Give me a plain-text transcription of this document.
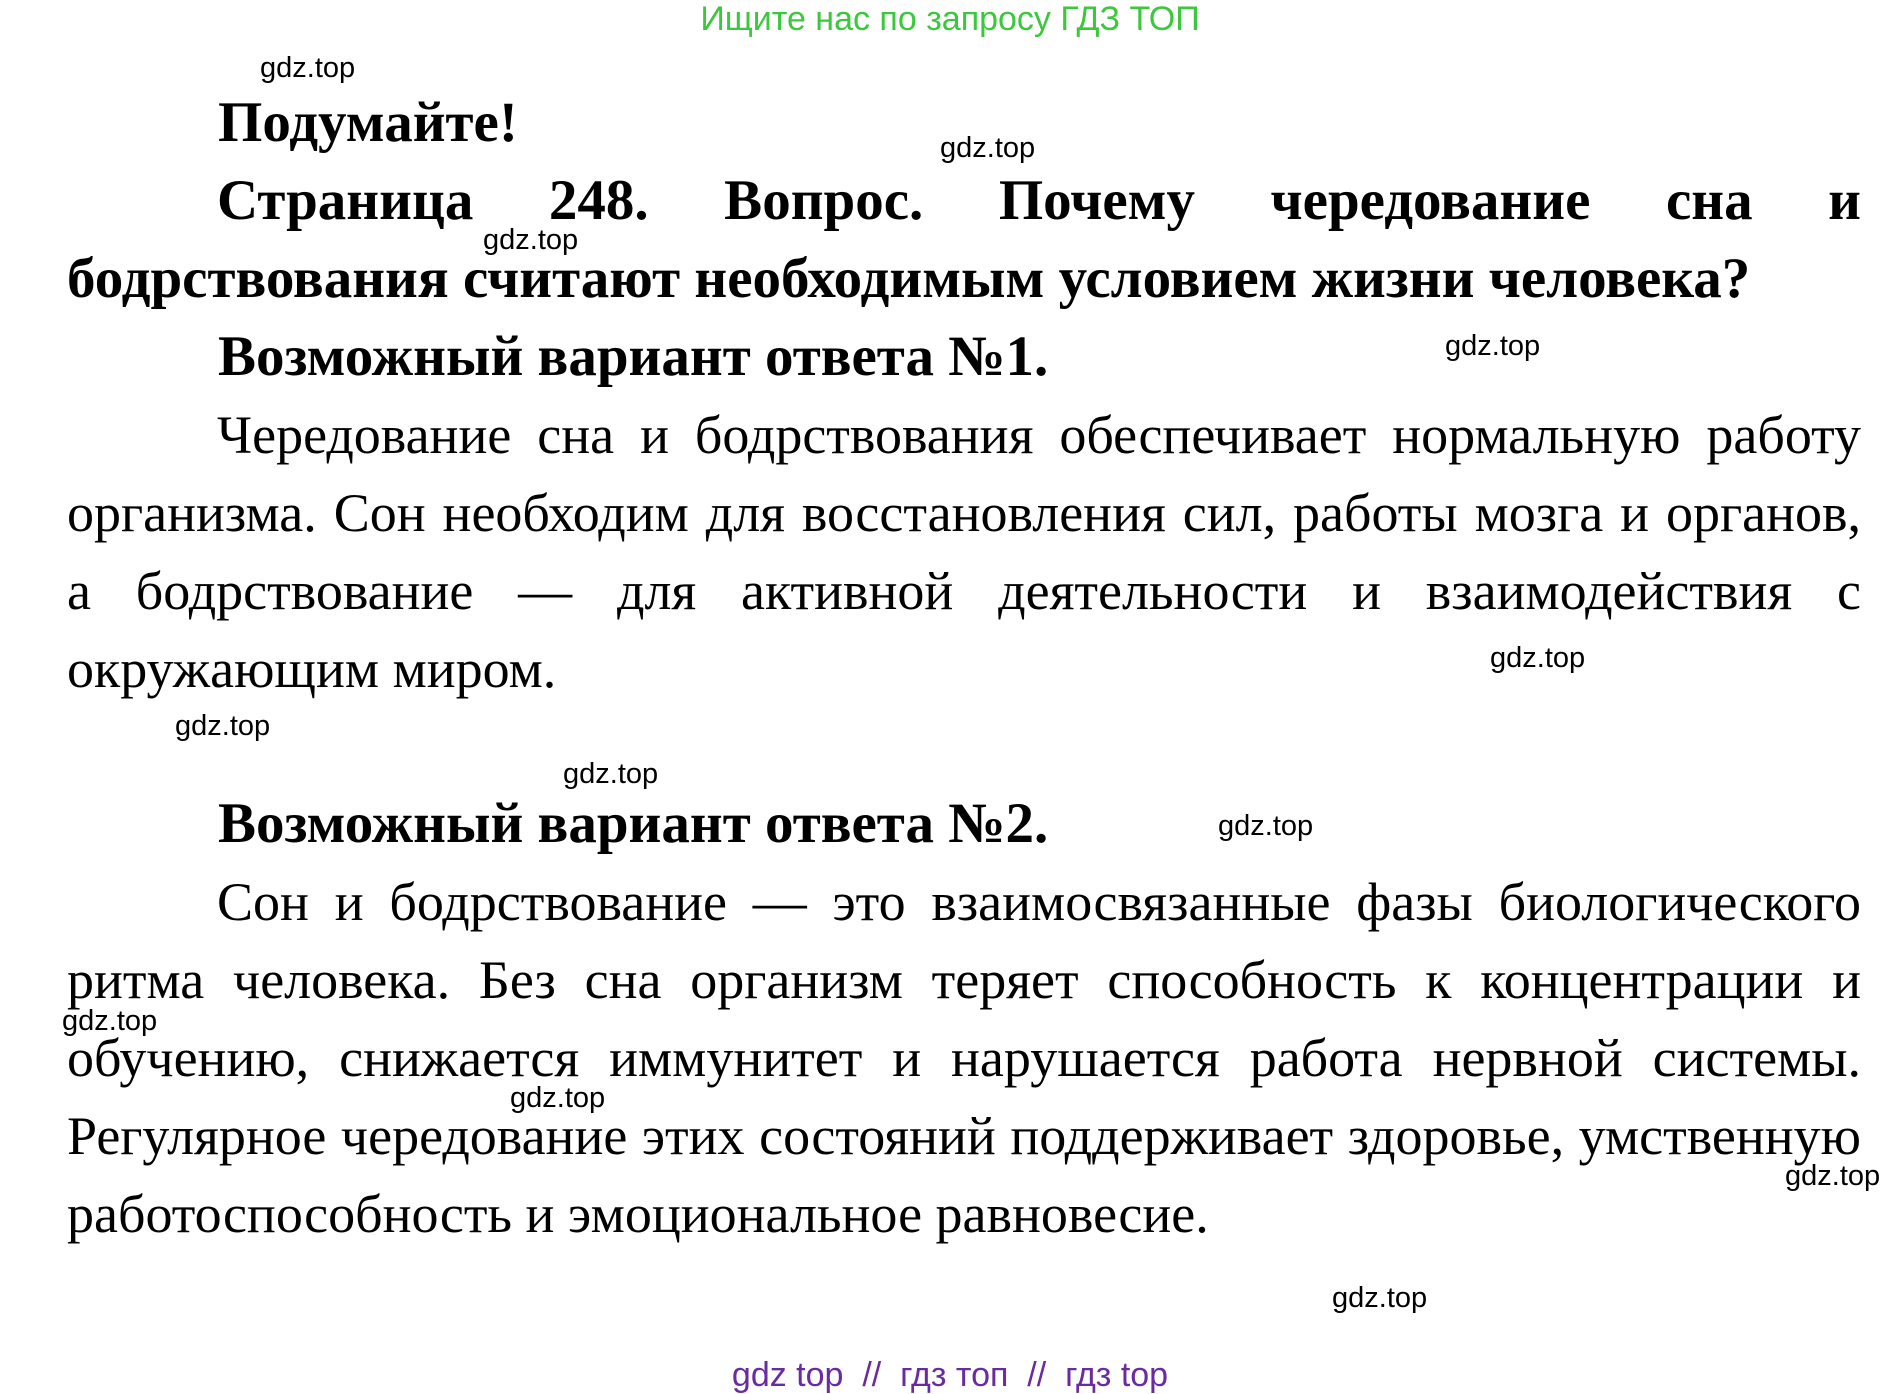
Ищите нас по запросу ГДЗ ТОП
Подумайте!
Страница 248. Вопрос. Почему чередование сна и бодрствования считают необходимым условием жизни человека?
Возможный вариант ответа №1.
Чередование сна и бодрствования обеспечивает нормальную работу организма. Сон необходим для восстановления сил, работы мозга и органов, а бодрствование — для активной деятельности и взаимодействия с окружающим миром.
Возможный вариант ответа №2.
Сон и бодрствование — это взаимосвязанные фазы биологического ритма человека. Без сна организм теряет способность к концентрации и обучению, снижается иммунитет и нарушается работа нервной системы. Регулярное чередование этих состояний поддерживает здоровье, умственную работоспособность и эмоциональное равновесие.
gdz.top
gdz.top
gdz.top
gdz.top
gdz.top
gdz.top
gdz.top
gdz.top
gdz.top
gdz.top
gdz.top
gdz.top
gdz top  //  гдз топ  //  гдз top
